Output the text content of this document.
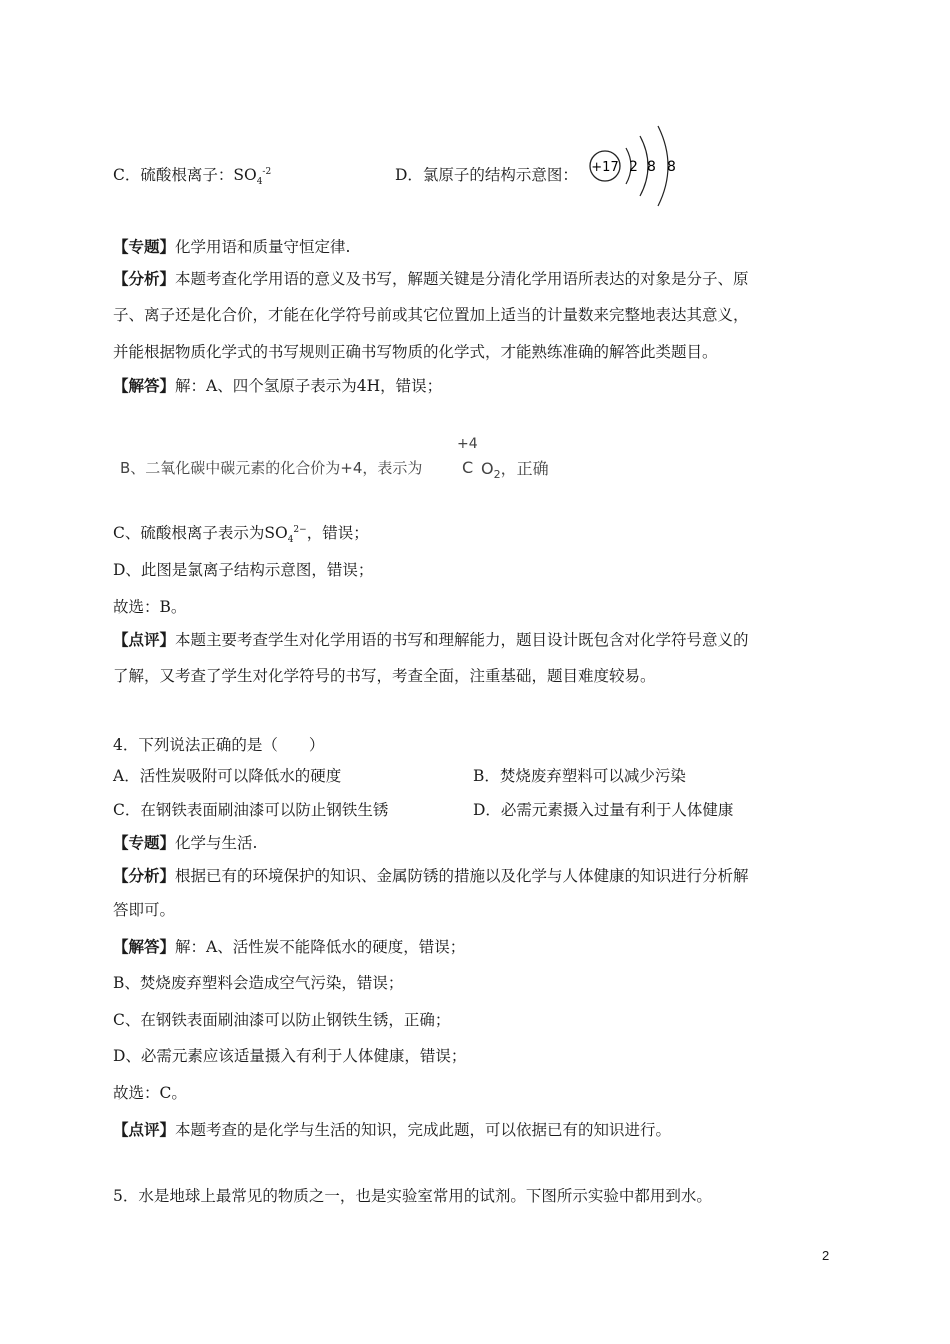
C．硫酸根离子：$SO_4^{-2}$	D．氯原子的结构示意图： +17 2 8 8
【专题】化学用语和质量守恒定律.
【分析】本题考查化学用语的意义及书写，解题关键是分清化学用语所表达的对象是分子、原
子、离子还是化合价，才能在化学符号前或其它位置加上适当的计量数来完整地表达其意义，
并能根据物质化学式的书写规则正确书写物质的化学式，才能熟练准确的解答此类题目。
【解答】解：A、四个氢原子表示为4H，错误；
B、二氧化碳中碳元素的化合价为+4，表示为
+4
C $O_2$，正确
C、硫酸根离子表示为$SO_4^{2-}$，错误；
D、此图是氯离子结构示意图，错误；
故选：B。
【点评】本题主要考查学生对化学用语的书写和理解能力，题目设计既包含对化学符号意义的
了解，又考查了学生对化学符号的书写，考查全面，注重基础，题目难度较易。
4．下列说法正确的是（　　）
A．活性炭吸附可以降低水的硬度	B．焚烧废弃塑料可以减少污染
C．在钢铁表面刷油漆可以防止钢铁生锈	D．必需元素摄入过量有利于人体健康
【专题】化学与生活.
【分析】根据已有的环境保护的知识、金属防锈的措施以及化学与人体健康的知识进行分析解
答即可。
【解答】解：A、活性炭不能降低水的硬度，错误；
B、焚烧废弃塑料会造成空气污染，错误；
C、在钢铁表面刷油漆可以防止钢铁生锈，正确；
D、必需元素应该适量摄入有利于人体健康，错误；
故选：C。
【点评】本题考查的是化学与生活的知识，完成此题，可以依据已有的知识进行。
5．水是地球上最常见的物质之一，也是实验室常用的试剂。下图所示实验中都用到水。
2
